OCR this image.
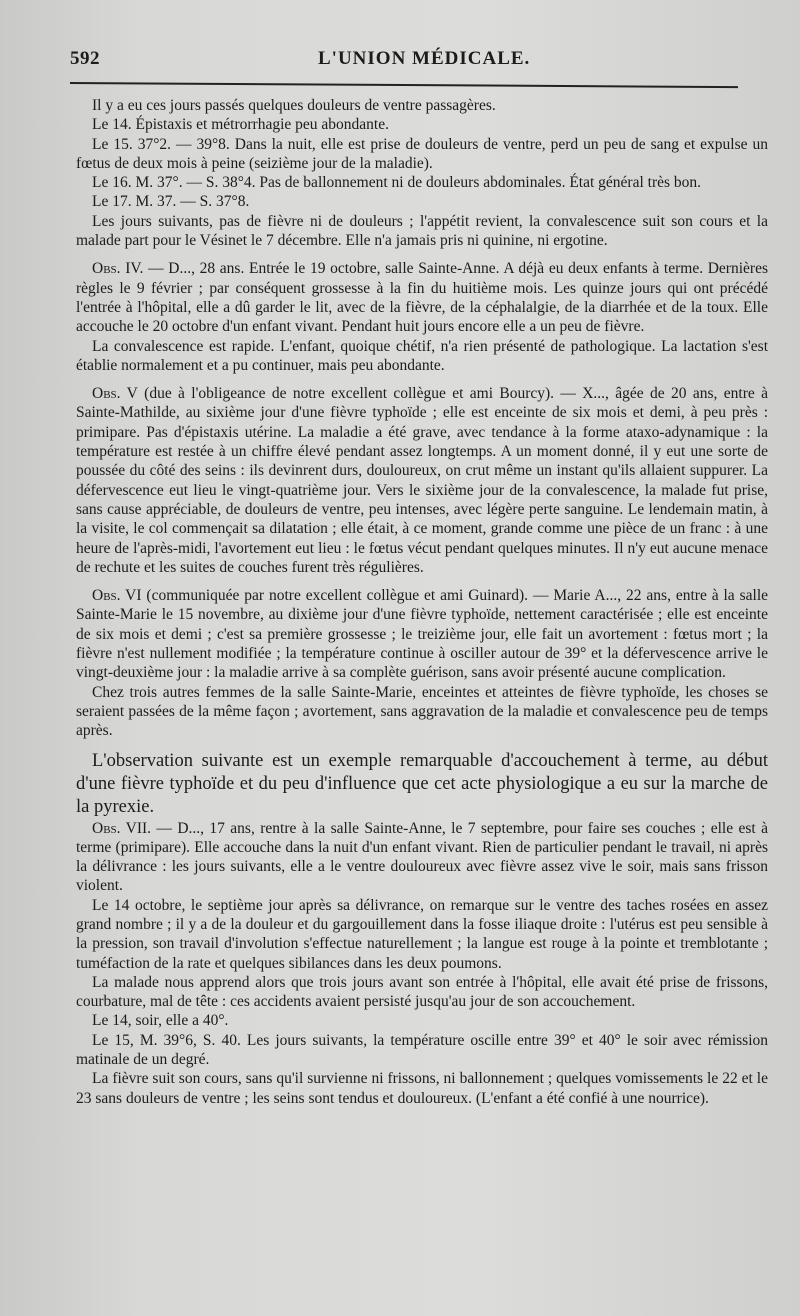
592	L'UNION MÉDICALE.

Il y a eu ces jours passés quelques douleurs de ventre passagères.

Le 14. Épistaxis et métrorrhagie peu abondante.

Le 15. 37°2. — 39°8. Dans la nuit, elle est prise de douleurs de ventre, perd un peu de sang et expulse un fœtus de deux mois à peine (seizième jour de la maladie).

Le 16. M. 37°. — S. 38°4. Pas de ballonnement ni de douleurs abdominales. État général très bon.

Le 17. M. 37. — S. 37°8.

Les jours suivants, pas de fièvre ni de douleurs ; l'appétit revient, la convalescence suit son cours et la malade part pour le Vésinet le 7 décembre. Elle n'a jamais pris ni quinine, ni ergotine.

Obs. IV. — D..., 28 ans. Entrée le 19 octobre, salle Sainte-Anne. A déjà eu deux enfants à terme. Dernières règles le 9 février ; par conséquent grossesse à la fin du huitième mois. Les quinze jours qui ont précédé l'entrée à l'hôpital, elle a dû garder le lit, avec de la fièvre, de la céphalalgie, de la diarrhée et de la toux. Elle accouche le 20 octobre d'un enfant vivant. Pendant huit jours encore elle a un peu de fièvre.

La convalescence est rapide. L'enfant, quoique chétif, n'a rien présenté de pathologique. La lactation s'est établie normalement et a pu continuer, mais peu abondante.

Obs. V (due à l'obligeance de notre excellent collègue et ami Bourcy). — X..., âgée de 20 ans, entre à Sainte-Mathilde, au sixième jour d'une fièvre typhoïde ; elle est enceinte de six mois et demi, à peu près : primipare. Pas d'épistaxis utérine. La maladie a été grave, avec tendance à la forme ataxo-adynamique : la température est restée à un chiffre élevé pendant assez longtemps. A un moment donné, il y eut une sorte de poussée du côté des seins : ils devinrent durs, douloureux, on crut même un instant qu'ils allaient suppurer. La défervescence eut lieu le vingt-quatrième jour. Vers le sixième jour de la convalescence, la malade fut prise, sans cause appréciable, de douleurs de ventre, peu intenses, avec légère perte sanguine. Le lendemain matin, à la visite, le col commençait sa dilatation ; elle était, à ce moment, grande comme une pièce de un franc : à une heure de l'après-midi, l'avortement eut lieu : le fœtus vécut pendant quelques minutes. Il n'y eut aucune menace de rechute et les suites de couches furent très régulières.

Obs. VI (communiquée par notre excellent collègue et ami Guinard). — Marie A..., 22 ans, entre à la salle Sainte-Marie le 15 novembre, au dixième jour d'une fièvre typhoïde, nettement caractérisée ; elle est enceinte de six mois et demi ; c'est sa première grossesse ; le treizième jour, elle fait un avortement : fœtus mort ; la fièvre n'est nullement modifiée ; la température continue à osciller autour de 39° et la défervescence arrive le vingt-deuxième jour : la maladie arrive à sa complète guérison, sans avoir présenté aucune complication.

Chez trois autres femmes de la salle Sainte-Marie, enceintes et atteintes de fièvre typhoïde, les choses se seraient passées de la même façon ; avortement, sans aggravation de la maladie et convalescence peu de temps après.

L'observation suivante est un exemple remarquable d'accouchement à terme, au début d'une fièvre typhoïde et du peu d'influence que cet acte physiologique a eu sur la marche de la pyrexie.

Obs. VII. — D..., 17 ans, rentre à la salle Sainte-Anne, le 7 septembre, pour faire ses couches ; elle est à terme (primipare). Elle accouche dans la nuit d'un enfant vivant. Rien de particulier pendant le travail, ni après la délivrance : les jours suivants, elle a le ventre douloureux avec fièvre assez vive le soir, mais sans frisson violent.

Le 14 octobre, le septième jour après sa délivrance, on remarque sur le ventre des taches rosées en assez grand nombre ; il y a de la douleur et du gargouillement dans la fosse iliaque droite : l'utérus est peu sensible à la pression, son travail d'involution s'effectue naturellement ; la langue est rouge à la pointe et tremblotante ; tuméfaction de la rate et quelques sibilances dans les deux poumons.

La malade nous apprend alors que trois jours avant son entrée à l'hôpital, elle avait été prise de frissons, courbature, mal de tête : ces accidents avaient persisté jusqu'au jour de son accouchement.

Le 14, soir, elle a 40°.

Le 15, M. 39°6, S. 40. Les jours suivants, la température oscille entre 39° et 40° le soir avec rémission matinale de un degré.

La fièvre suit son cours, sans qu'il survienne ni frissons, ni ballonnement ; quelques vomissements le 22 et le 23 sans douleurs de ventre ; les seins sont tendus et douloureux. (L'enfant a été confié à une nourrice).
